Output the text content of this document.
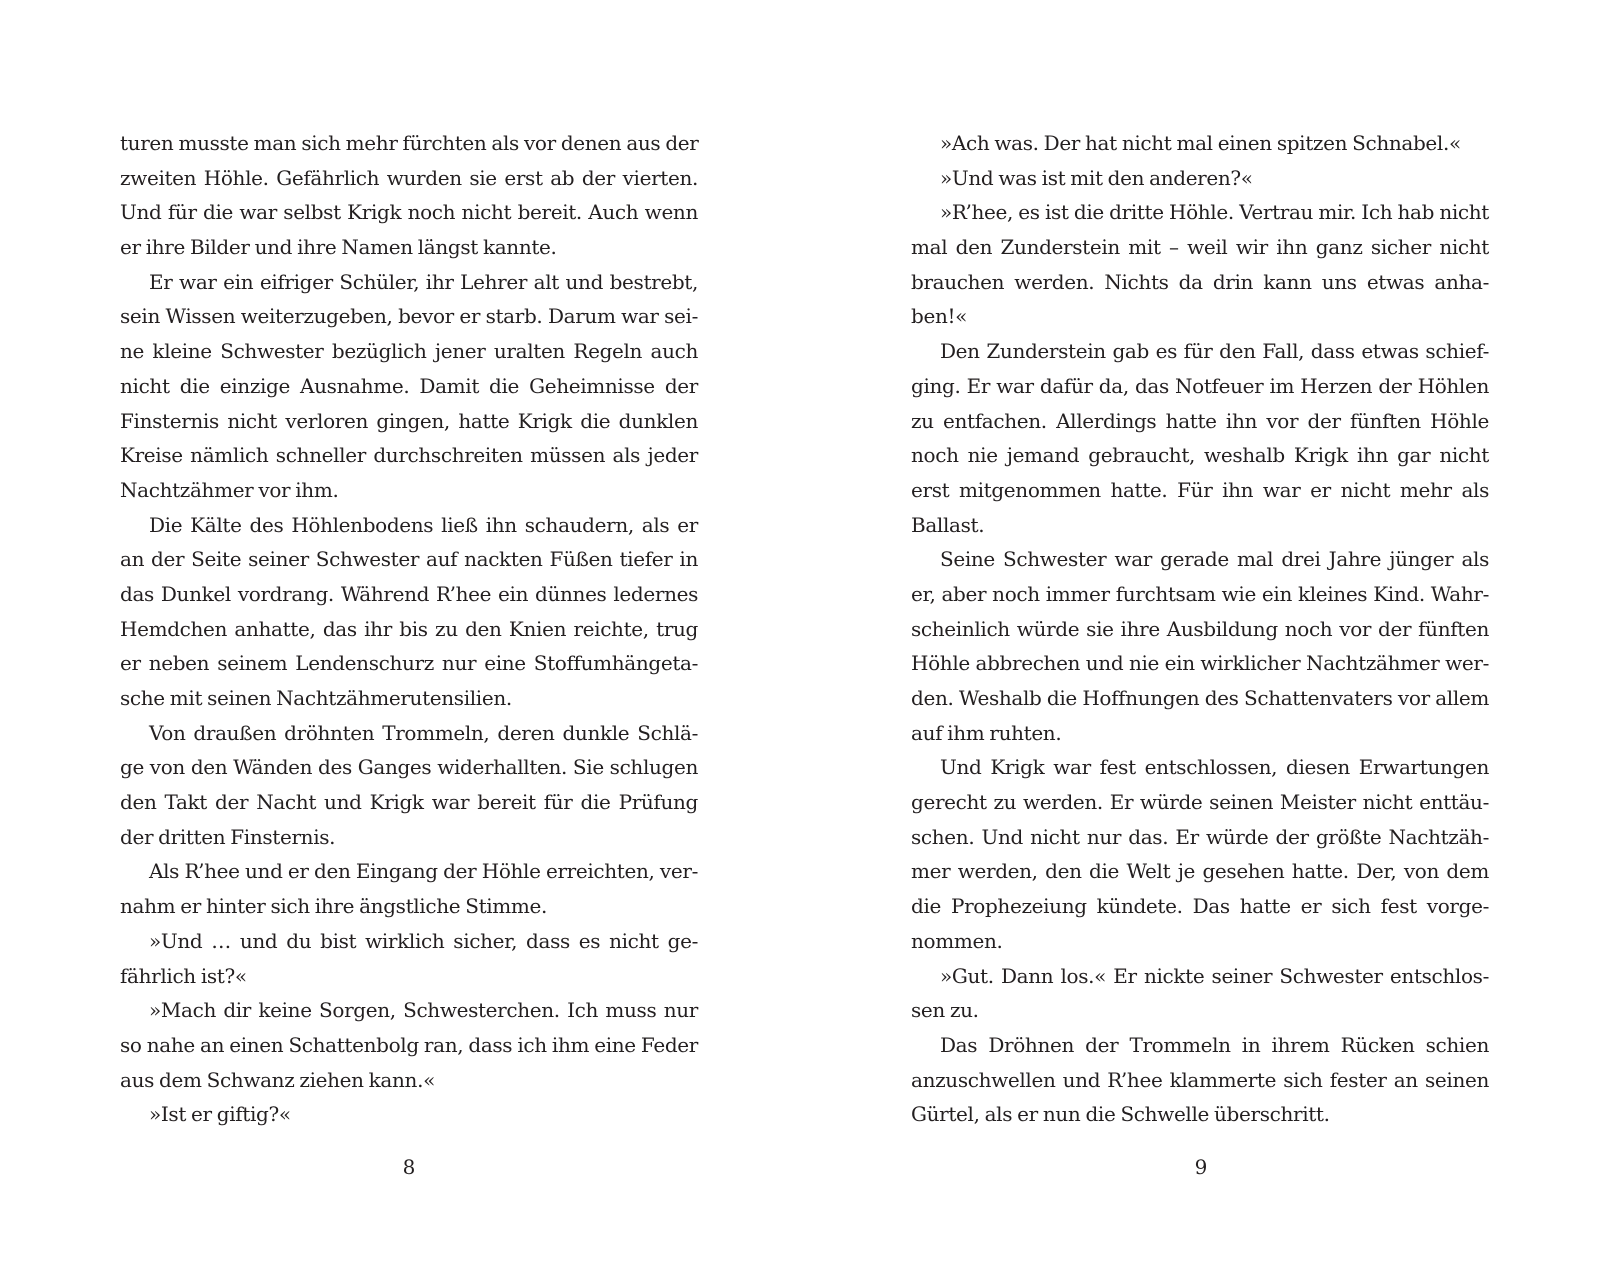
turen musste man sich mehr fürchten als vor denen aus der
zweiten Höhle. Gefährlich wurden sie erst ab der vierten.
Und für die war selbst Krigk noch nicht bereit. Auch wenn
er ihre Bilder und ihre Namen längst kannte.
Er war ein eifriger Schüler, ihr Lehrer alt und bestrebt,
sein Wissen weiterzugeben, bevor er starb. Darum war sei-
ne kleine Schwester bezüglich jener uralten Regeln auch
nicht die einzige Ausnahme. Damit die Geheimnisse der
Finsternis nicht verloren gingen, hatte Krigk die dunklen
Kreise nämlich schneller durchschreiten müssen als jeder
Nachtzähmer vor ihm.
Die Kälte des Höhlenbodens ließ ihn schaudern, als er
an der Seite seiner Schwester auf nackten Füßen tiefer in
das Dunkel vordrang. Während R’hee ein dünnes ledernes
Hemdchen anhatte, das ihr bis zu den Knien reichte, trug
er neben seinem Lendenschurz nur eine Stoffumhängeta-
sche mit seinen Nachtzähmerutensilien.
Von draußen dröhnten Trommeln, deren dunkle Schlä-
ge von den Wänden des Ganges widerhallten. Sie schlugen
den Takt der Nacht und Krigk war bereit für die Prüfung
der dritten Finsternis.
Als R’hee und er den Eingang der Höhle erreichten, ver-
nahm er hinter sich ihre ängstliche Stimme.
»Und … und du bist wirklich sicher, dass es nicht ge-
fährlich ist?«
»Mach dir keine Sorgen, Schwesterchen. Ich muss nur
so nahe an einen Schattenbolg ran, dass ich ihm eine Feder
aus dem Schwanz ziehen kann.«
»Ist er giftig?«
8
»Ach was. Der hat nicht mal einen spitzen Schnabel.«
»Und was ist mit den anderen?«
»R’hee, es ist die dritte Höhle. Vertrau mir. Ich hab nicht
mal den Zunderstein mit – weil wir ihn ganz sicher nicht
brauchen werden. Nichts da drin kann uns etwas anha-
ben!«
Den Zunderstein gab es für den Fall, dass etwas schief-
ging. Er war dafür da, das Notfeuer im Herzen der Höhlen
zu entfachen. Allerdings hatte ihn vor der fünften Höhle
noch nie jemand gebraucht, weshalb Krigk ihn gar nicht
erst mitgenommen hatte. Für ihn war er nicht mehr als
Ballast.
Seine Schwester war gerade mal drei Jahre jünger als
er, aber noch immer furchtsam wie ein kleines Kind. Wahr-
scheinlich würde sie ihre Ausbildung noch vor der fünften
Höhle abbrechen und nie ein wirklicher Nachtzähmer wer-
den. Weshalb die Hoffnungen des Schattenvaters vor allem
auf ihm ruhten.
Und Krigk war fest entschlossen, diesen Erwartungen
gerecht zu werden. Er würde seinen Meister nicht enttäu-
schen. Und nicht nur das. Er würde der größte Nachtzäh-
mer werden, den die Welt je gesehen hatte. Der, von dem
die Prophezeiung kündete. Das hatte er sich fest vorge-
nommen.
»Gut. Dann los.« Er nickte seiner Schwester entschlos-
sen zu.
Das Dröhnen der Trommeln in ihrem Rücken schien
anzuschwellen und R’hee klammerte sich fester an seinen
Gürtel, als er nun die Schwelle überschritt.
9
